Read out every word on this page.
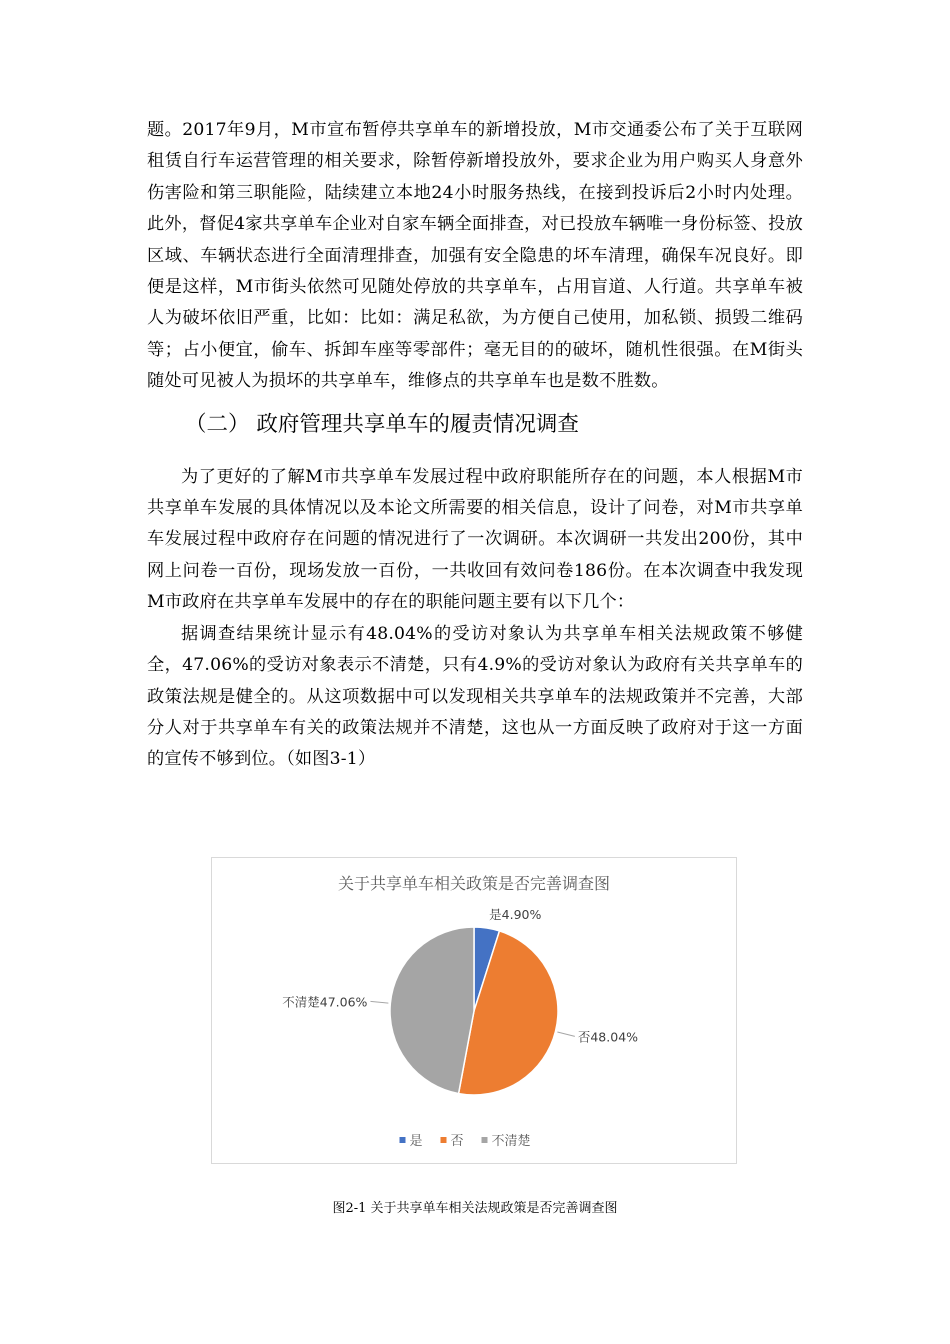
题。2017年9月，M市宣布暂停共享单车的新增投放，M市交通委公布了关于互联网租赁自行车运营管理的相关要求，除暂停新增投放外，要求企业为用户购买人身意外伤害险和第三职能险，陆续建立本地24小时服务热线，在接到投诉后2小时内处理。此外，督促4家共享单车企业对自家车辆全面排查，对已投放车辆唯一身份标签、投放区域、车辆状态进行全面清理排查，加强有安全隐患的坏车清理，确保车况良好。即便是这样，M市街头依然可见随处停放的共享单车，占用盲道、人行道。共享单车被人为破坏依旧严重，比如：比如：满足私欲，为方便自己使用，加私锁、损毁二维码等；占小便宜，偷车、拆卸车座等零部件；毫无目的的破坏，随机性很强。在M街头随处可见被人为损坏的共享单车，维修点的共享单车也是数不胜数。

（二） 政府管理共享单车的履责情况调查

为了更好的了解M市共享单车发展过程中政府职能所存在的问题，本人根据M市共享单车发展的具体情况以及本论文所需要的相关信息，设计了问卷，对M市共享单车发展过程中政府存在问题的情况进行了一次调研。本次调研一共发出200份，其中网上问卷一百份，现场发放一百份，一共收回有效问卷186份。在本次调查中我发现M市政府在共享单车发展中的存在的职能问题主要有以下几个：

据调查结果统计显示有48.04%的受访对象认为共享单车相关法规政策不够健全，47.06%的受访对象表示不清楚，只有4.9%的受访对象认为政府有关共享单车的政策法规是健全的。从这项数据中可以发现相关共享单车的法规政策并不完善，大部分人对于共享单车有关的政策法规并不清楚，这也从一方面反映了政府对于这一方面的宣传不够到位。（如图3-1）

关于共享单车相关政策是否完善调查图
是4.90%
否48.04%
不清楚47.06%
是 否 不清楚
图2-1 关于共享单车相关法规政策是否完善调查图
